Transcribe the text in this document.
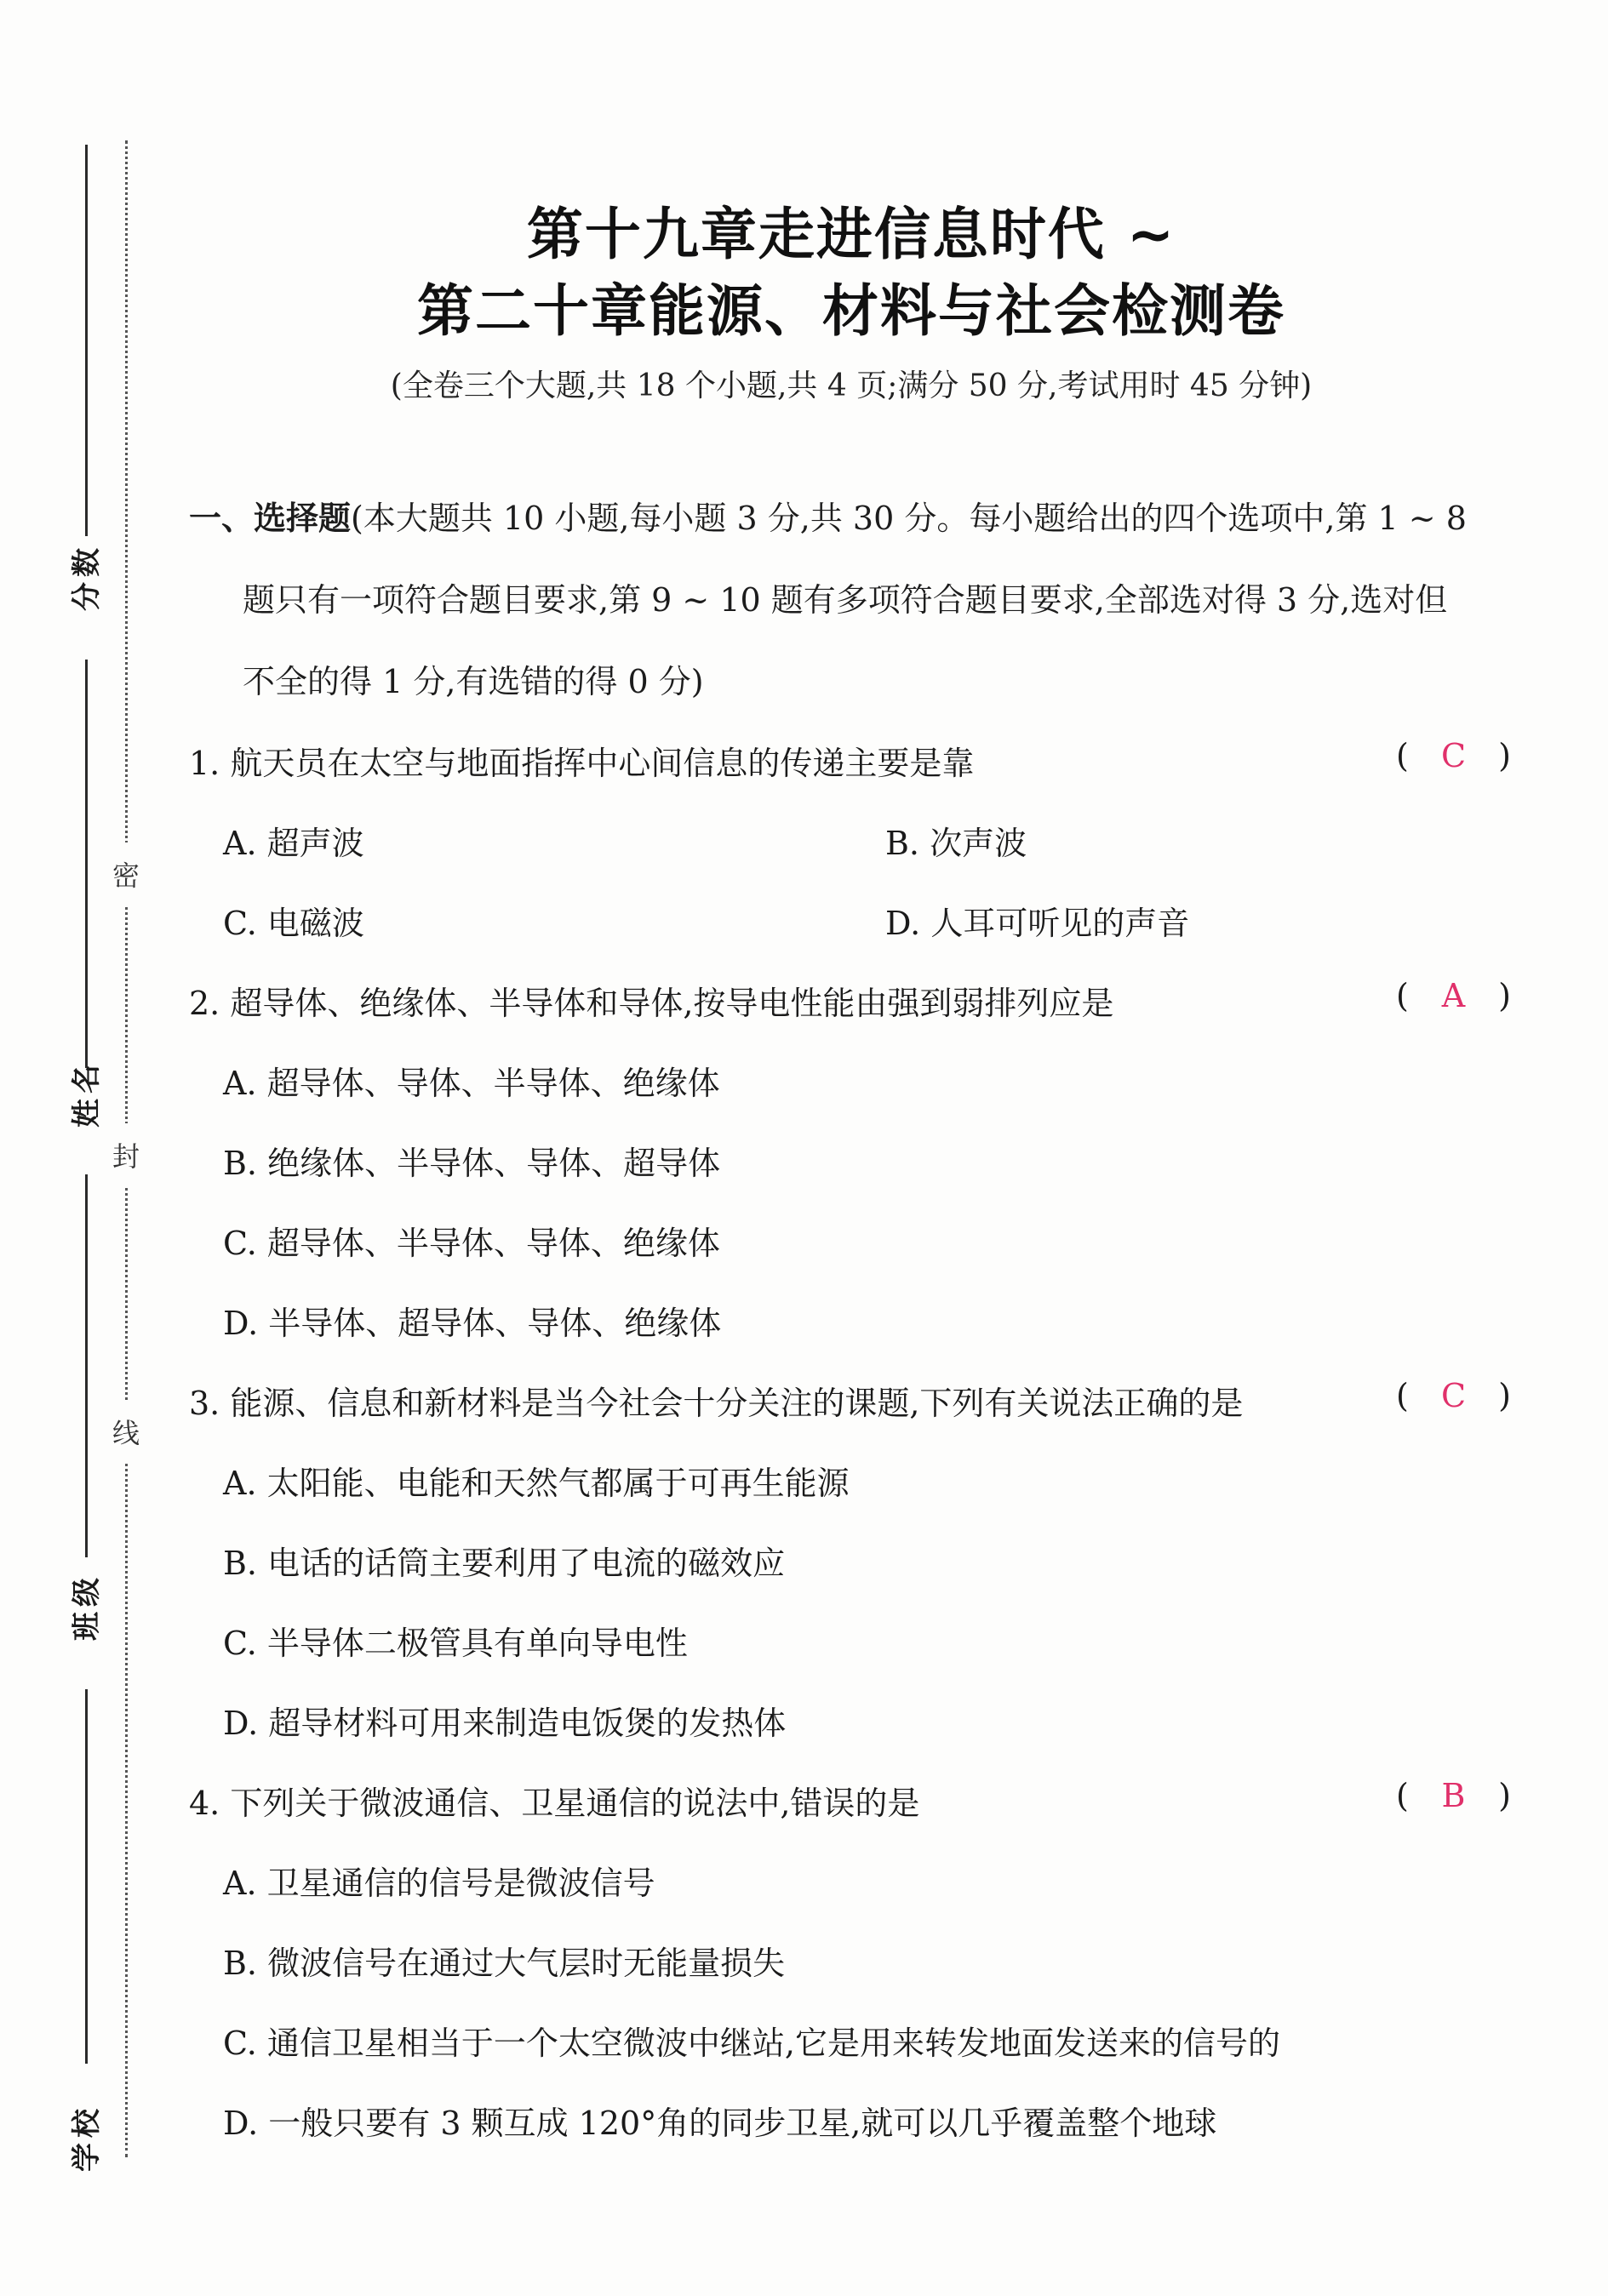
分数
姓名
班级
学校
密
封
线
第十九章走进信息时代 ~
第二十章能源、材料与社会检测卷
(全卷三个大题,共 18 个小题,共 4 页;满分 50 分,考试用时 45 分钟)
一、选择题(本大题共 10 小题,每小题 3 分,共 30 分。每小题给出的四个选项中,第 1 ~ 8
题只有一项符合题目要求,第 9 ~ 10 题有多项符合题目要求,全部选对得 3 分,选对但
不全的得 1 分,有选错的得 0 分)
1. 航天员在太空与地面指挥中心间信息的传递主要是靠	( C )
A. 超声波	B. 次声波
C. 电磁波	D. 人耳可听见的声音
2. 超导体、绝缘体、半导体和导体,按导电性能由强到弱排列应是	( A )
A. 超导体、导体、半导体、绝缘体
B. 绝缘体、半导体、导体、超导体
C. 超导体、半导体、导体、绝缘体
D. 半导体、超导体、导体、绝缘体
3. 能源、信息和新材料是当今社会十分关注的课题,下列有关说法正确的是	( C )
A. 太阳能、电能和天然气都属于可再生能源
B. 电话的话筒主要利用了电流的磁效应
C. 半导体二极管具有单向导电性
D. 超导材料可用来制造电饭煲的发热体
4. 下列关于微波通信、卫星通信的说法中,错误的是	( B )
A. 卫星通信的信号是微波信号
B. 微波信号在通过大气层时无能量损失
C. 通信卫星相当于一个太空微波中继站,它是用来转发地面发送来的信号的
D. 一般只要有 3 颗互成 120°角的同步卫星,就可以几乎覆盖整个地球
